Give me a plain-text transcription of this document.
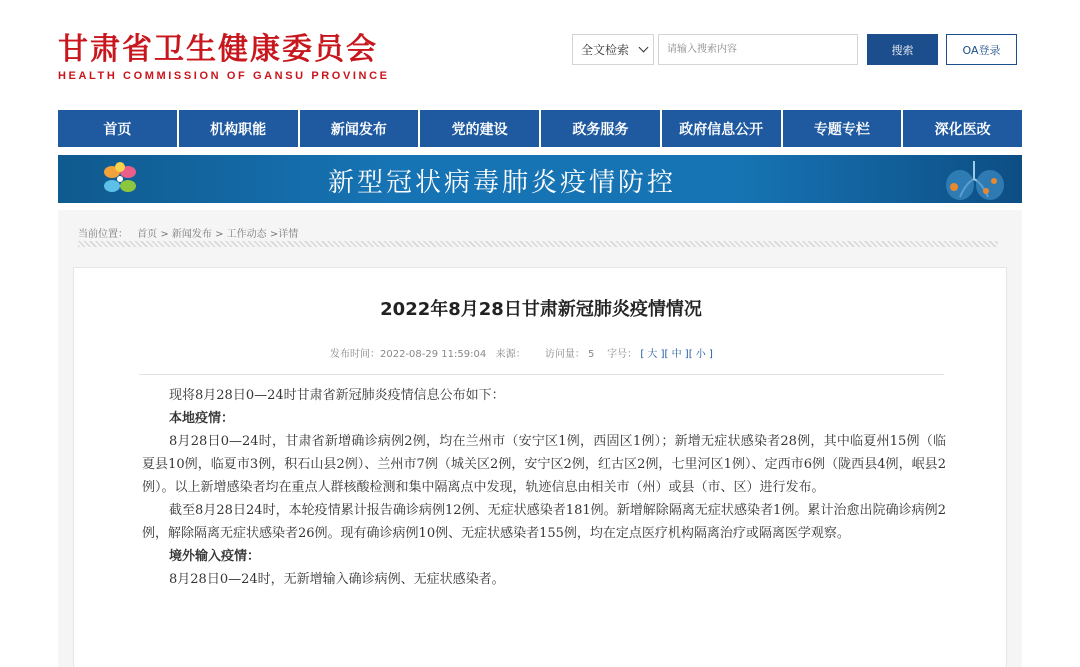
甘肃省卫生健康委员会
HEALTH COMMISSION OF GANSU PROVINCE
全文检索
请输入搜索内容	搜索	OA登录
首页	机构职能	新闻发布	党的建设	政务服务	政府信息公开	专题专栏	深化医改
新型冠状病毒肺炎疫情防控
当前位置： 首页 > 新闻发布 > 工作动态 >详情
2022年8月28日甘肃新冠肺炎疫情情况
发布时间：2022-08-29 11:59:04 来源： 访问量： 5 字号： [ 大 ][ 中 ][ 小 ]

现将8月28日0—24时甘肃省新冠肺炎疫情信息公布如下：

本地疫情：

8月28日0—24时，甘肃省新增确诊病例2例，均在兰州市（安宁区1例，西固区1例）；新增无症状感染者28例，其中临夏州15例（临夏县10例，临夏市3例，积石山县2例）、兰州市7例（城关区2例，安宁区2例，红古区2例，七里河区1例）、定西市6例（陇西县4例，岷县2例）。以上新增感染者均在重点人群核酸检测和集中隔离点中发现，轨迹信息由相关市（州）或县（市、区）进行发布。

截至8月28日24时，本轮疫情累计报告确诊病例12例、无症状感染者181例。新增解除隔离无症状感染者1例。累计治愈出院确诊病例2例，解除隔离无症状感染者26例。现有确诊病例10例、无症状感染者155例，均在定点医疗机构隔离治疗或隔离医学观察。

境外输入疫情：

8月28日0—24时，无新增输入确诊病例、无症状感染者。
